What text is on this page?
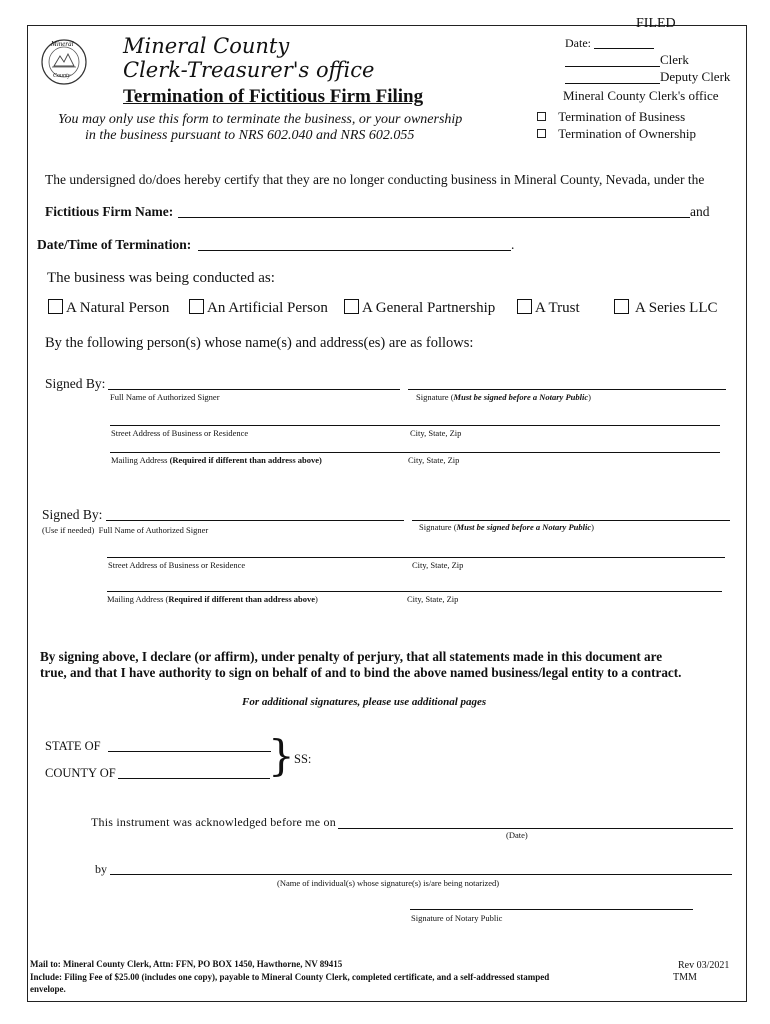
Mineral
County
Mineral County
Clerk-Treasurer's office
Termination of Fictitious Firm Filing
You may only use this form to terminate the business, or your ownership
in the business pursuant to NRS 602.040 and NRS 602.055
FILED
Date:
Clerk
Deputy Clerk
Mineral County Clerk's office
Termination of Business
Termination of Ownership
The undersigned do/does hereby certify that they are no longer conducting business in Mineral County, Nevada, under the
Fictitious Firm Name:	and
Date/Time of Termination:	.
The business was being conducted as:
A Natural Person	An Artificial Person	A General Partnership	A Trust	A Series LLC
By the following person(s) whose name(s) and address(es) are as follows:
Signed By:
Full Name of Authorized Signer	Signature (Must be signed before a Notary Public)
Street Address of Business or Residence	City, State, Zip
Mailing Address (Required if different than address above)	City, State, Zip
Signed By:
(Use if needed) Full Name of Authorized Signer	Signature (Must be signed before a Notary Public)
Street Address of Business or Residence	City, State, Zip
Mailing Address (Required if different than address above)	City, State, Zip
By signing above, I declare (or affirm), under penalty of perjury, that all statements made in this document are
true, and that I have authority to sign on behalf of and to bind the above named business/legal entity to a contract.
For additional signatures, please use additional pages
STATE OF
COUNTY OF	} SS:
This instrument was acknowledged before me on
(Date)
by
(Name of individual(s) whose signature(s) is/are being notarized)
Signature of Notary Public
Mail to: Mineral County Clerk, Attn: FFN, PO BOX 1450, Hawthorne, NV 89415
Include: Filing Fee of $25.00 (includes one copy), payable to Mineral County Clerk, completed certificate, and a self-addressed stamped
envelope.
Rev 03/2021
TMM
